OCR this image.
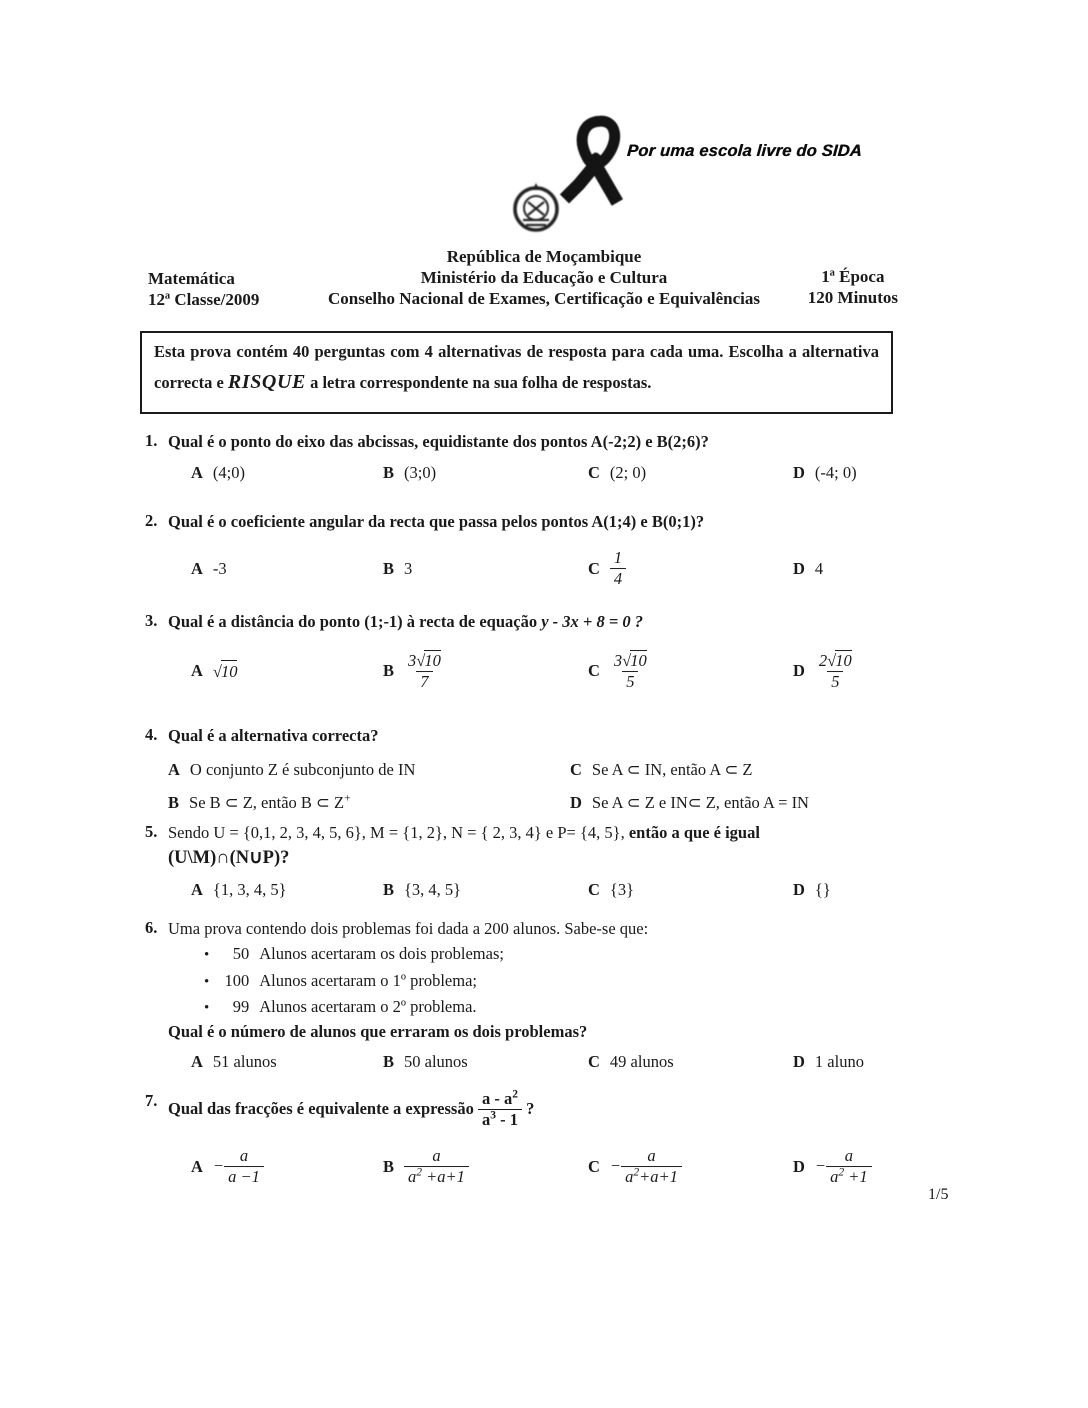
Por uma escola livre do SIDA
República de Moçambique
Ministério da Educação e Cultura
Conselho Nacional de Exames, Certificação e Equivalências
Matemática
12ª Classe/2009
1ª Época
120 Minutos
Esta prova contém 40 perguntas com 4 alternativas de resposta para cada uma. Escolha a alternativa correcta e RISQUE a letra correspondente na sua folha de respostas.
1. Qual é o ponto do eixo das abcissas, equidistante dos pontos A(-2;2) e B(2;6)?
A (4;0)	B (3;0)	C (2; 0)	D (-4; 0)
2. Qual é o coeficiente angular da recta que passa pelos pontos A(1;4) e B(0;1)?
A -3	B 3	C $\frac{1}{4}$	D 4
3. Qual é a distância do ponto (1;-1) à recta de equação y - 3x + 8 = 0 ?
A √10	B $\frac{3√10}{7}$	C $\frac{3√10}{5}$	D $\frac{2√10}{5}$
4. Qual é a alternativa correcta?
A O conjunto Z é subconjunto de IN	C Se A ⊂ IN, então A ⊂ Z
B Se B ⊂ Z, então B ⊂ Z+	D Se A ⊂ Z e IN⊂ Z, então A = IN
5. Sendo U = {0,1, 2, 3, 4, 5, 6}, M = {1, 2}, N = { 2, 3, 4} e P= {4, 5}, então a que é igual
(U\M)∩(N∪P)?
A {1, 3, 4, 5}	B {3, 4, 5}	C {3}	D {}
6. Uma prova contendo dois problemas foi dada a 200 alunos. Sabe-se que:
•	50 Alunos acertaram os dois problemas;
• 100 Alunos acertaram o 1º problema;
•	99 Alunos acertaram o 2º problema.
Qual é o número de alunos que erraram os dois problemas?
A 51 alunos	B 50 alunos	C 49 alunos	D 1 aluno
7. Qual das fracções é equivalente a expressão $\frac{a - a^2}{a^3 - 1}$ ?
$A - \frac{a}{a -1}$	B $\frac{a}{a^2 +a+1}$	$C - \frac{a}{a^2+a+1}$	$D - \frac{a}{a^2 +1}$
1/5
